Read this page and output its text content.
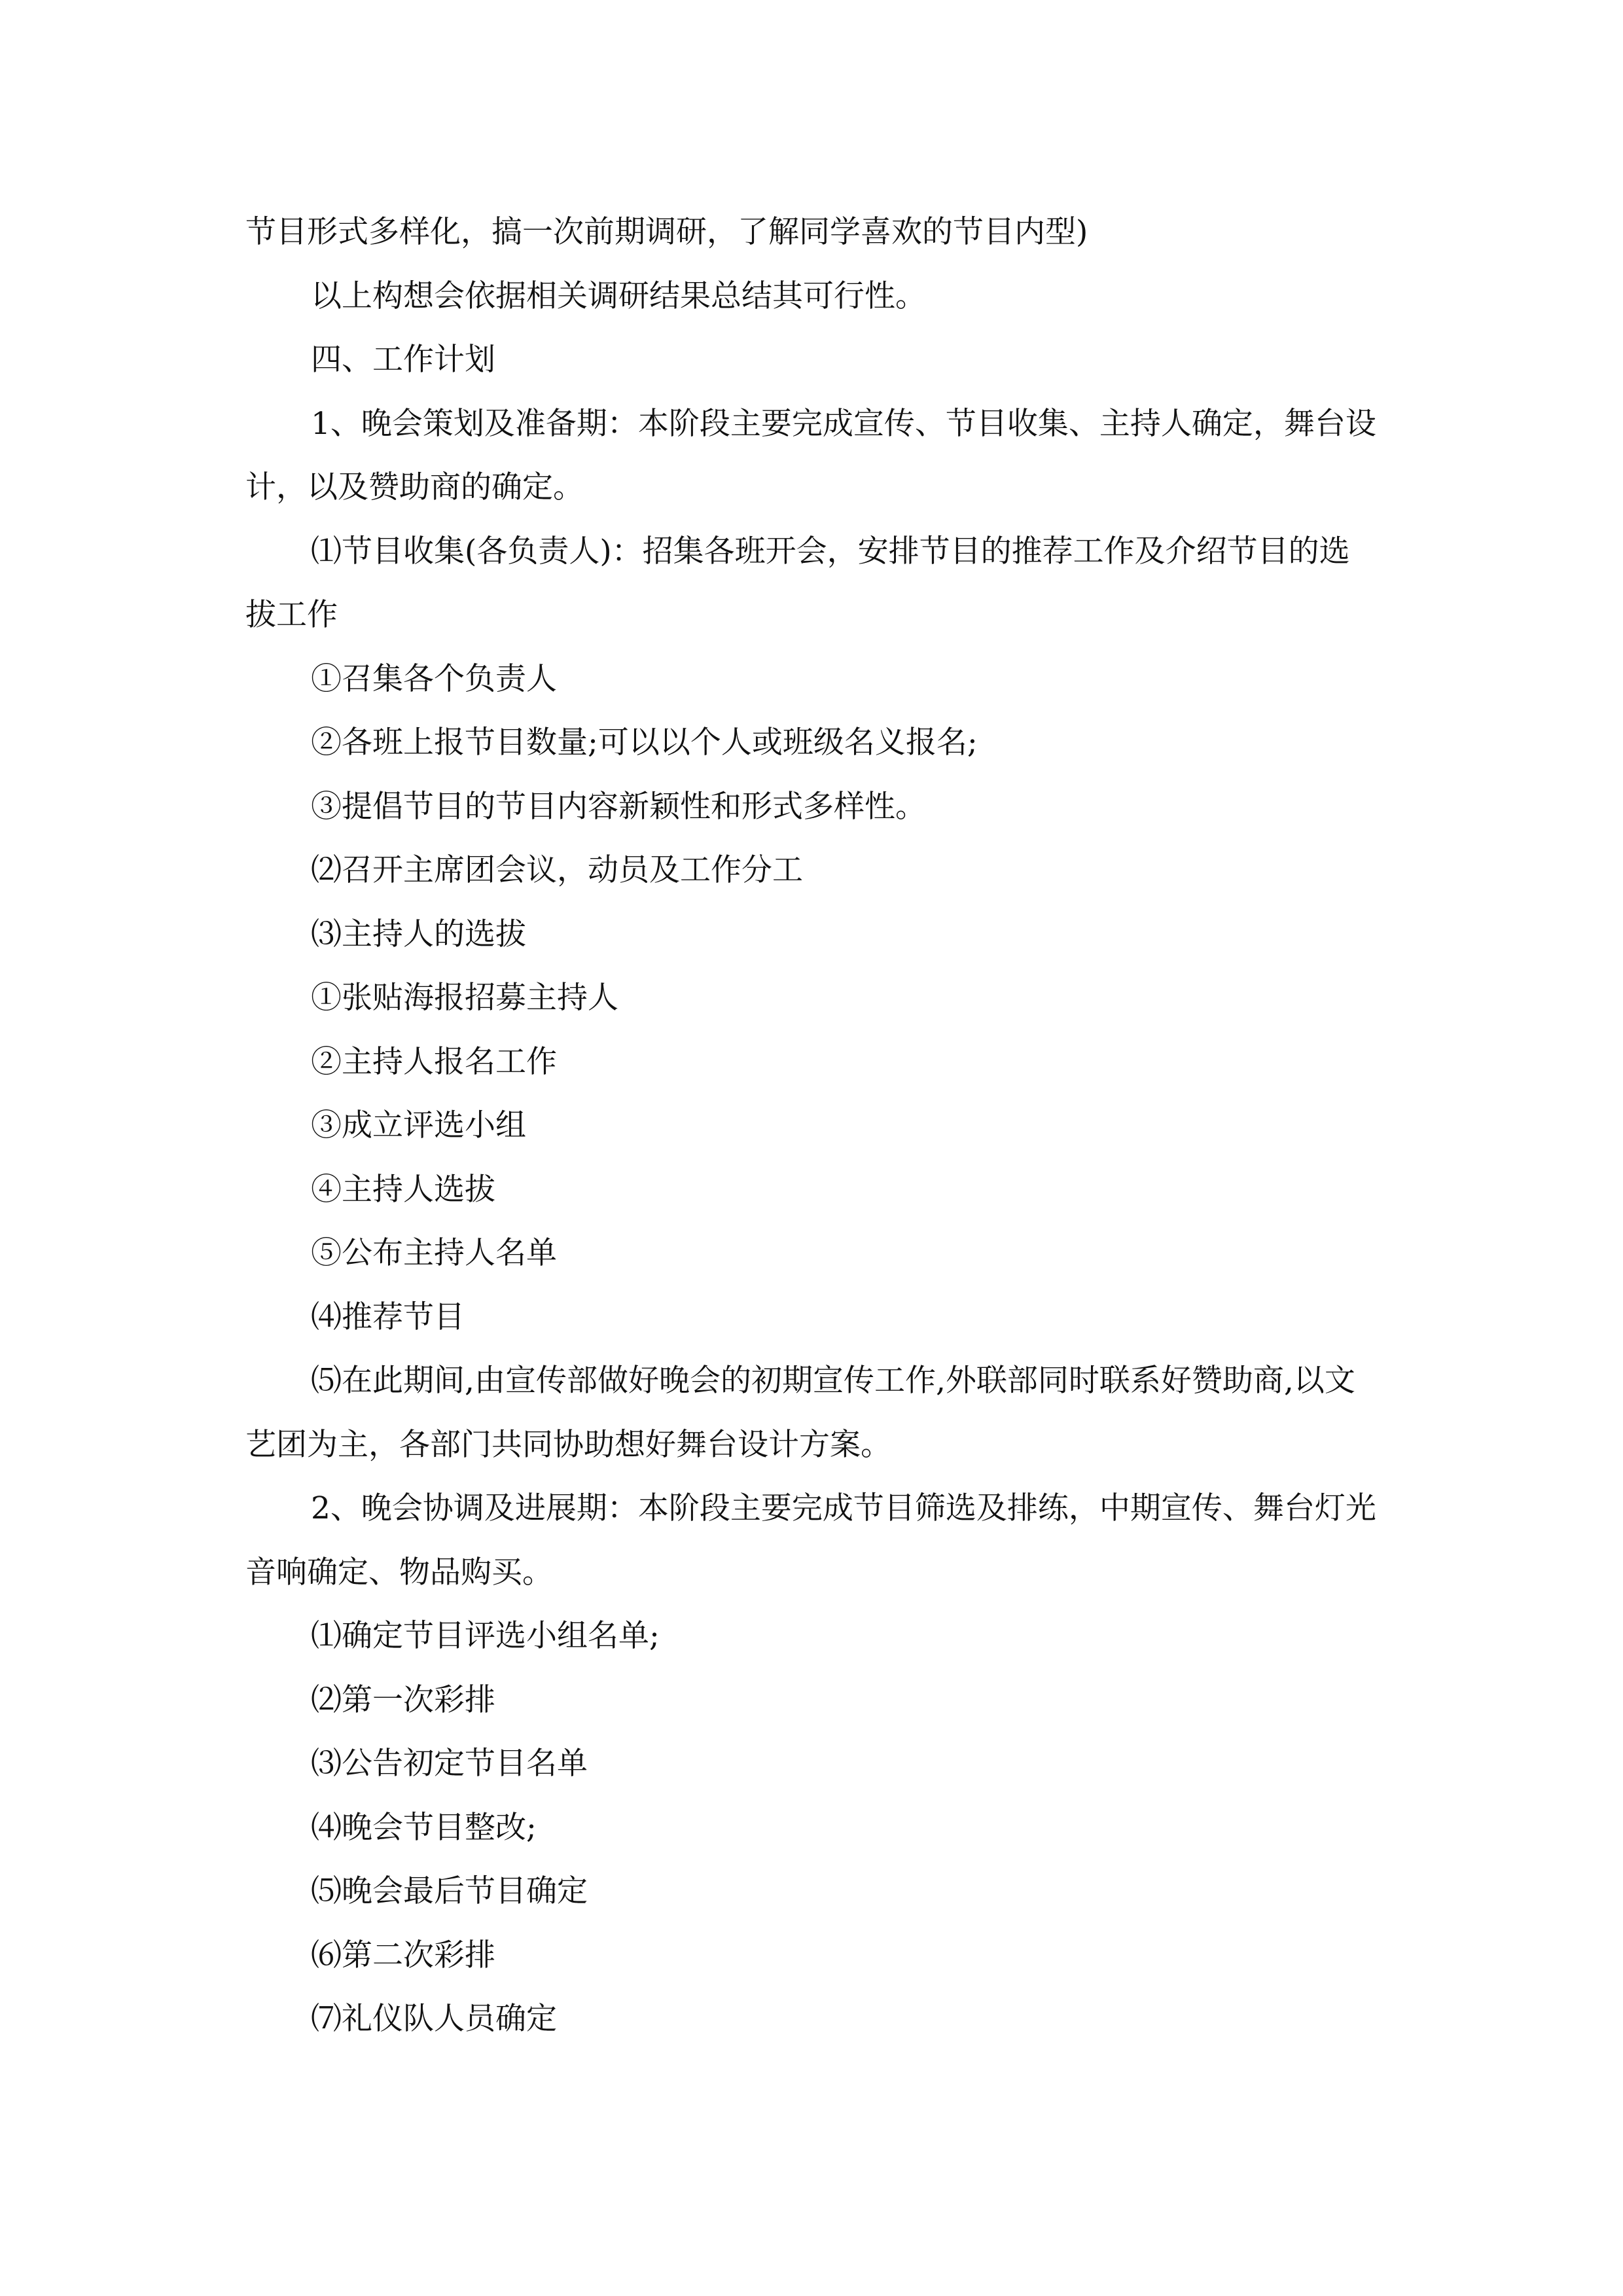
节目形式多样化，搞一次前期调研，了解同学喜欢的节目内型)

以上构想会依据相关调研结果总结其可行性。

四、工作计划

1、晚会策划及准备期：本阶段主要完成宣传、节目收集、主持人确定，舞台设计，以及赞助商的确定。

⑴节目收集(各负责人)：招集各班开会，安排节目的推荐工作及介绍节目的选拔工作

①召集各个负责人

②各班上报节目数量;可以以个人或班级名义报名;

③提倡节目的节目内容新颖性和形式多样性。

⑵召开主席团会议，动员及工作分工

⑶主持人的选拔

①张贴海报招募主持人

②主持人报名工作

③成立评选小组

④主持人选拔

⑤公布主持人名单

⑷推荐节目

⑸在此期间,由宣传部做好晚会的初期宣传工作,外联部同时联系好赞助商,以文艺团为主，各部门共同协助想好舞台设计方案。

2、晚会协调及进展期：本阶段主要完成节目筛选及排练，中期宣传、舞台灯光音响确定、物品购买。

⑴确定节目评选小组名单;

⑵第一次彩排

⑶公告初定节目名单

⑷晚会节目整改;

⑸晚会最后节目确定

⑹第二次彩排

⑺礼仪队人员确定
